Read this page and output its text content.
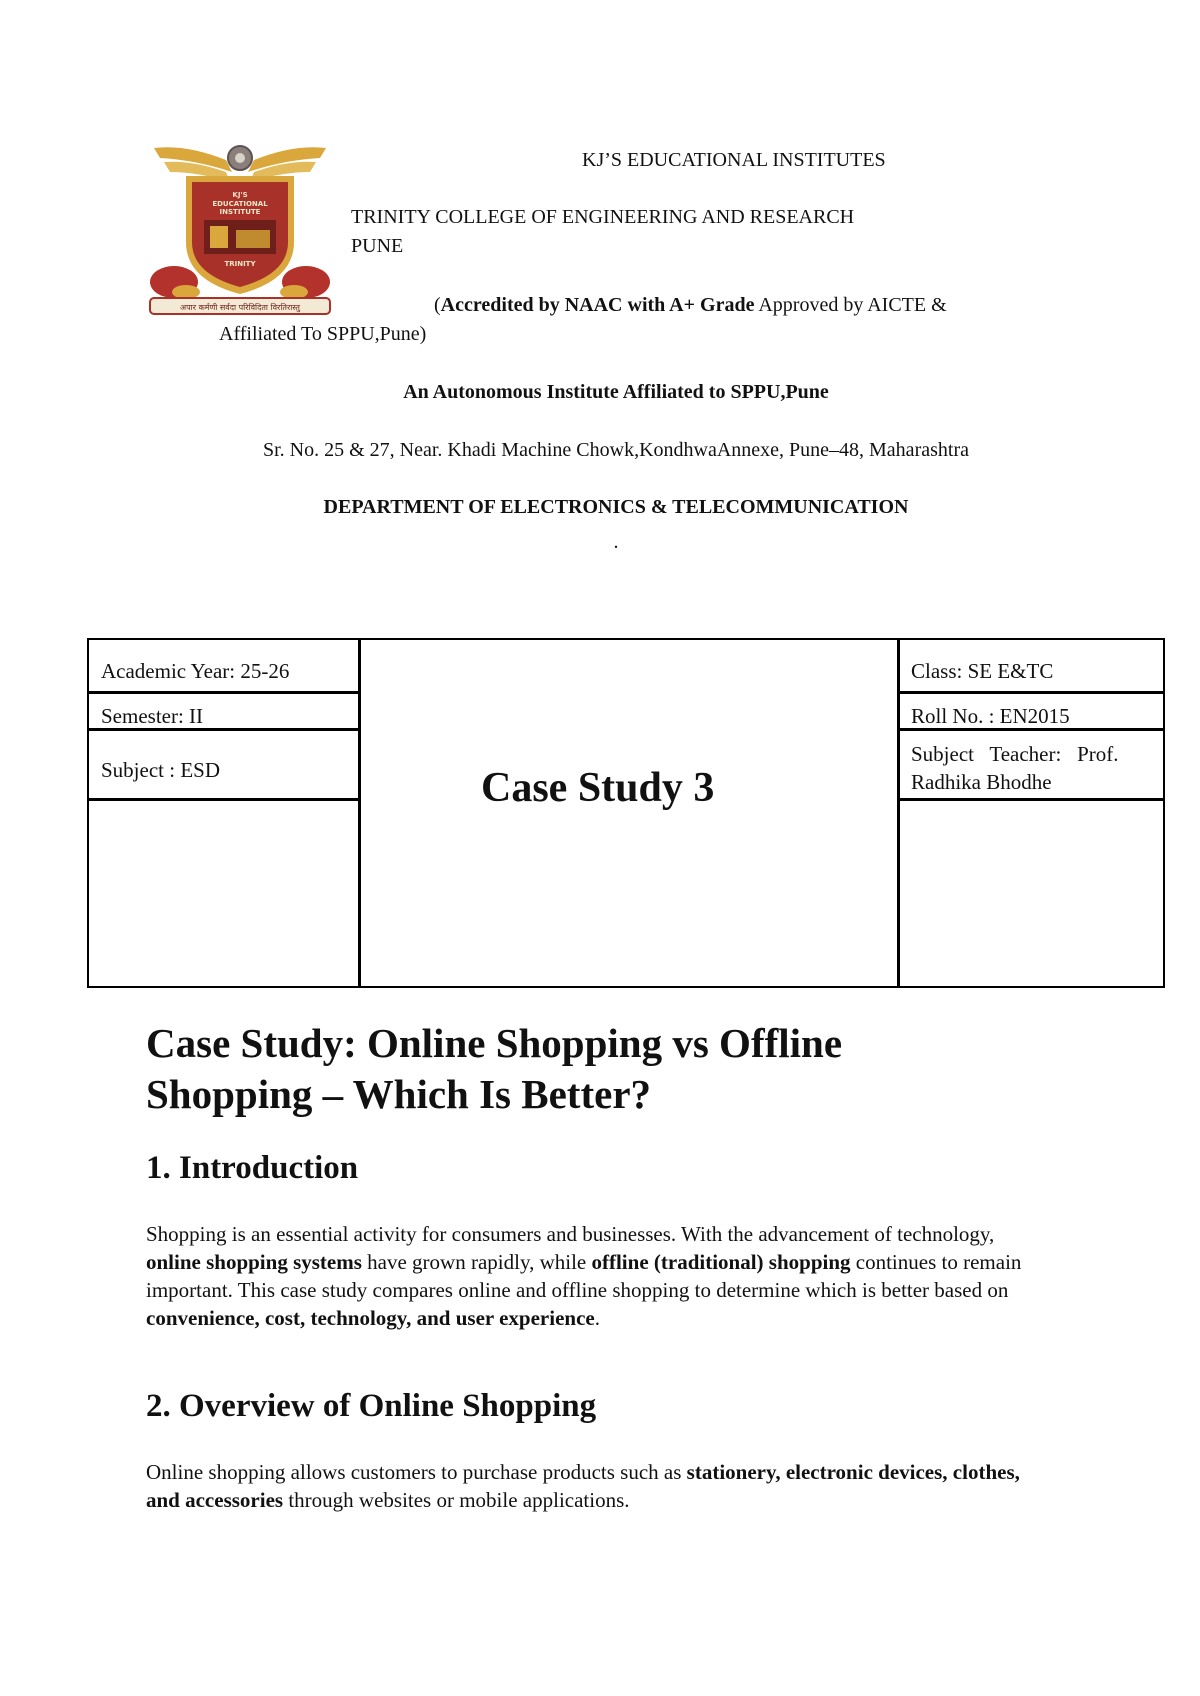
KJ'S
EDUCATIONAL
INSTITUTE
TRINITY
अपार कर्मणी सर्वदा परिविदिता विरतिरास्तु
KJ’S EDUCATIONAL INSTITUTES
TRINITY COLLEGE OF ENGINEERING AND RESEARCH
PUNE
(Accredited by NAAC with A+ Grade Approved by AICTE &
Affiliated To SPPU,Pune)
An Autonomous Institute Affiliated to SPPU,Pune
Sr. No. 25 & 27, Near. Khadi Machine Chowk,KondhwaAnnexe, Pune–48, Maharashtra
DEPARTMENT OF ELECTRONICS & TELECOMMUNICATION
.
Academic Year: 25-26
Semester: II
Subject : ESD	Case Study 3
Class: SE E&TC
Roll No. : EN2015
Subject   Teacher:   Prof.
Radhika Bhodhe
Case Study: Online Shopping vs Offline
Shopping – Which Is Better?
1. Introduction
Shopping is an essential activity for consumers and businesses. With the advancement of technology, online shopping systems have grown rapidly, while offline (traditional) shopping continues to remain important. This case study compares online and offline shopping to determine which is better based on convenience, cost, technology, and user experience.
2. Overview of Online Shopping
Online shopping allows customers to purchase products such as stationery, electronic devices, clothes, and accessories through websites or mobile applications.
